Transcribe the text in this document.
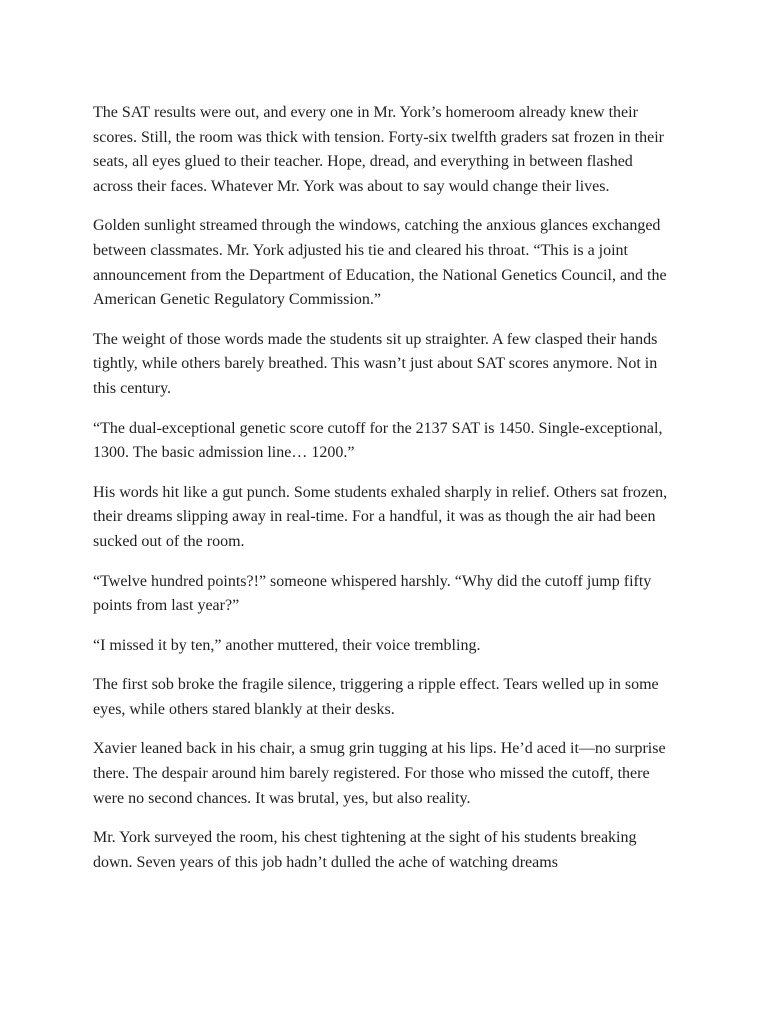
The SAT results were out, and every one in Mr. York’s homeroom already knew their scores. Still, the room was thick with tension. Forty-six twelfth graders sat frozen in their seats, all eyes glued to their teacher. Hope, dread, and everything in between flashed across their faces. Whatever Mr. York was about to say would change their lives.

Golden sunlight streamed through the windows, catching the anxious glances exchanged between classmates. Mr. York adjusted his tie and cleared his throat. “This is a joint announcement from the Department of Education, the National Genetics Council, and the American Genetic Regulatory Commission.”

The weight of those words made the students sit up straighter. A few clasped their hands tightly, while others barely breathed. This wasn’t just about SAT scores anymore. Not in this century.

“The dual-exceptional genetic score cutoff for the 2137 SAT is 1450. Single-exceptional, 1300. The basic admission line… 1200.”

His words hit like a gut punch. Some students exhaled sharply in relief. Others sat frozen, their dreams slipping away in real-time. For a handful, it was as though the air had been sucked out of the room.

“Twelve hundred points?!” someone whispered harshly. “Why did the cutoff jump fifty points from last year?”

“I missed it by ten,” another muttered, their voice trembling.

The first sob broke the fragile silence, triggering a ripple effect. Tears welled up in some eyes, while others stared blankly at their desks.

Xavier leaned back in his chair, a smug grin tugging at his lips. He’d aced it—no surprise there. The despair around him barely registered. For those who missed the cutoff, there were no second chances. It was brutal, yes, but also reality.

Mr. York surveyed the room, his chest tightening at the sight of his students breaking down. Seven years of this job hadn’t dulled the ache of watching dreams
